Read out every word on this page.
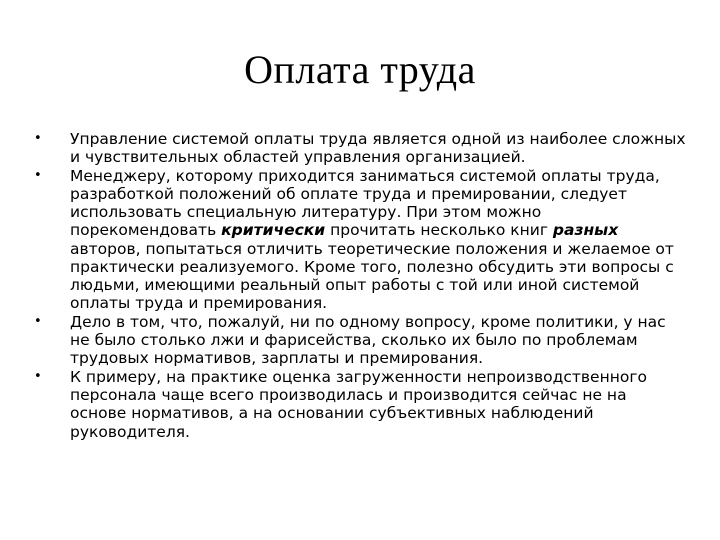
Оплата труда
• Управление системой оплаты труда является одной из наиболее сложных и чувствительных областей управления организацией.
• Менеджеру, которому приходится заниматься системой оплаты труда, разработкой положений об оплате труда и премировании, следует использовать специальную литературу. При этом можно порекомендовать критически прочитать несколько книг разных авторов, попытаться отличить теоретические положения и желаемое от практически реализуемого. Кроме того, полезно обсудить эти вопросы с людьми, имеющими реальный опыт работы с той или иной системой оплаты труда и премирования.
• Дело в том, что, пожалуй, ни по одному вопросу, кроме политики, у нас не было столько лжи и фарисейства, сколько их было по проблемам трудовых нормативов, зарплаты и премирования.
• К примеру, на практике оценка загруженности непроизводственного персонала чаще всего производилась и производится сейчас не на основе нормативов, а на основании субъективных наблюдений руководителя.
